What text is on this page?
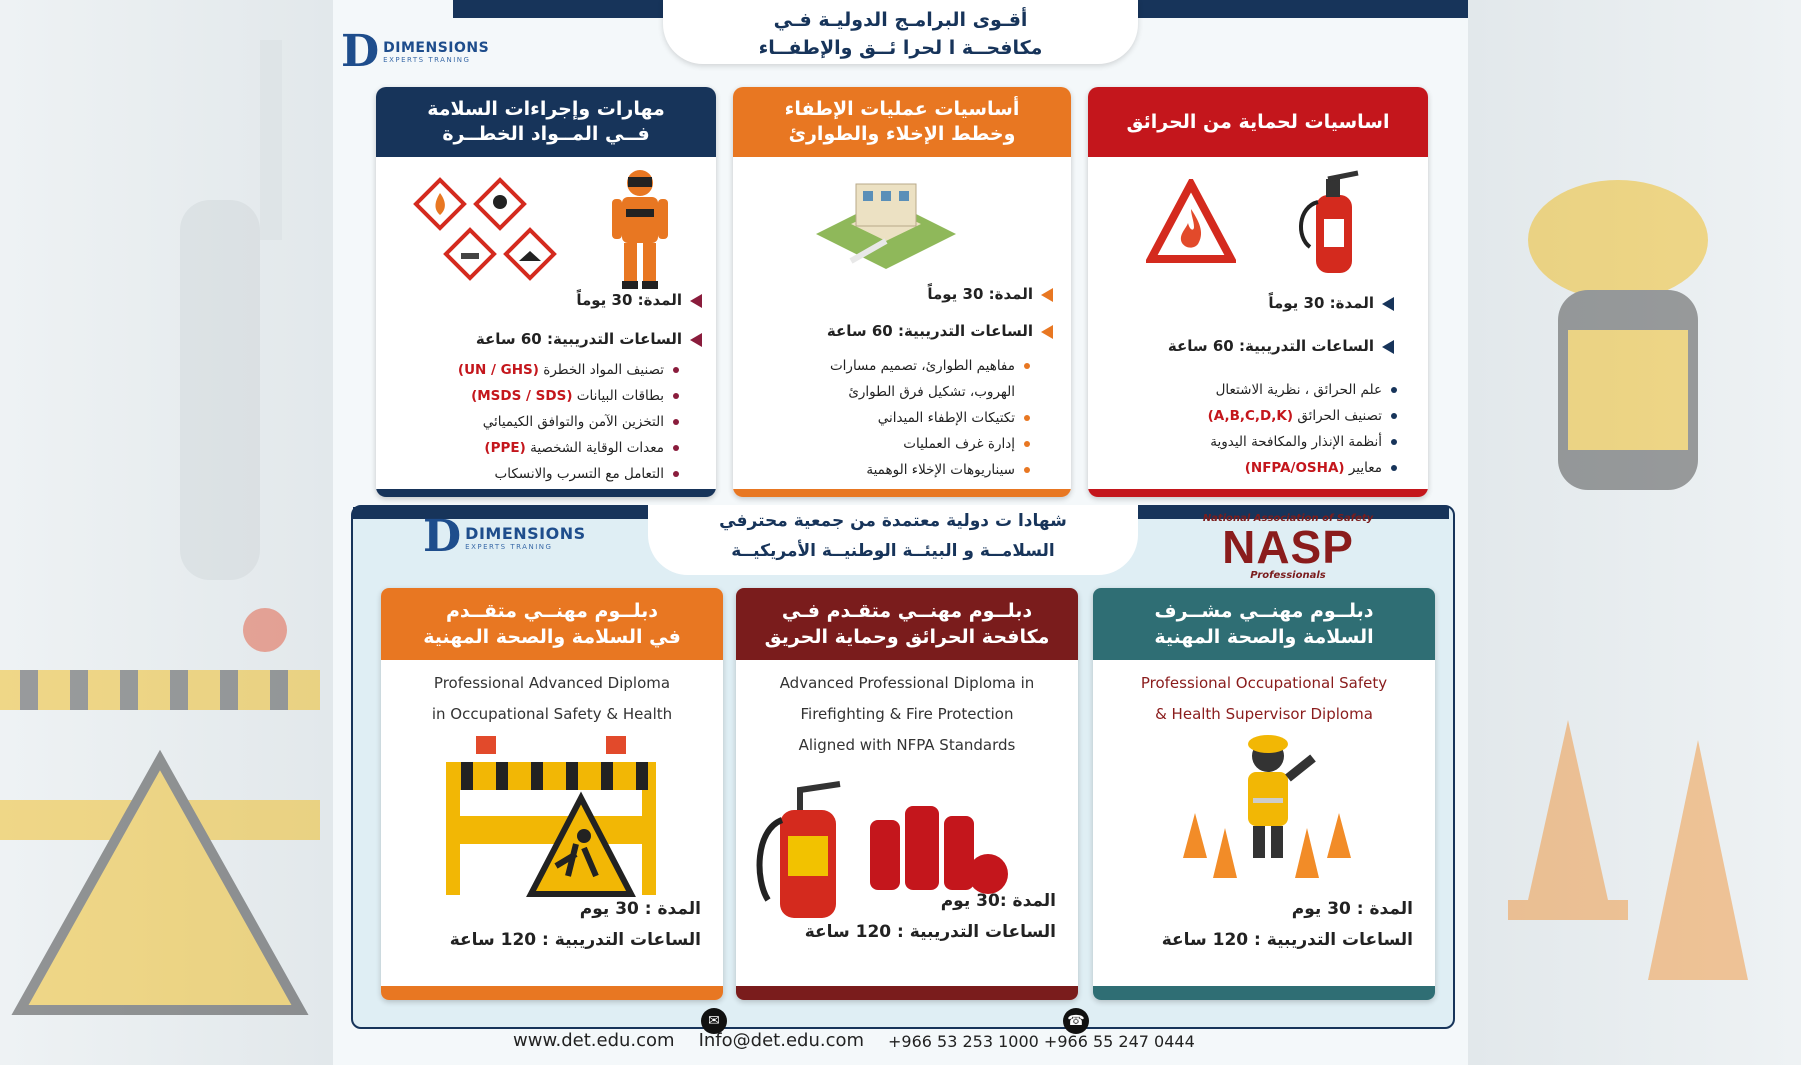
أقـوى البرامـج الدوليـة فـي
مكافحــة ا لحرا ئــق والإطفــاء
D DIMENSIONS
EXPERTS TRANING
اساسيات لحماية من الحرائق
المدة: 30 يوماً
الساعات التدريبية: 60 ساعة
علم الحرائق ، نظرية الاشتعال
تصنيف الحرائق (A,B,C,D,K)
أنظمة الإنذار والمكافحة اليدوية
معايير (NFPA/OSHA)
أساسيات عمليات الإطفاء
وخطط الإخلاء والطوارئ
المدة: 30 يوماً
الساعات التدريبية: 60 ساعة
مفاهيم الطوارئ، تصميم مسارات
الهروب، تشكيل فرق الطوارئ
تكتيكات الإطفاء الميداني
إدارة غرف العمليات
سيناريوهات الإخلاء الوهمية
مهارات وإجراءات السلامة
فــي المــواد الخطــرة
المدة: 30 يوماً
الساعات التدريبية: 60 ساعة
تصنيف المواد الخطرة (UN / GHS)
بطاقات البيانات (MSDS / SDS)
التخزين الآمن والتوافق الكيميائي
معدات الوقاية الشخصية (PPE)
التعامل مع التسرب والانسكاب
شهادا ت دولية معتمدة من جمعية محترفي
السلامــة و البيئــة الوطنيــة الأمريكيــة
D DIMENSIONS
EXPERTS TRANING
National Association of Safety
NASP
Professionals
دبلــوم مهنــي مشــرف
السلامة والصحة المهنية
Professional Occupational Safety
& Health Supervisor Diploma
المدة : 30 يوم
الساعات التدريبية : 120 ساعة
دبلــوم مهنــي متقـدم فـي
مكافحة الحرائق وحماية الحريق
Advanced Professional Diploma in
Firefighting & Fire Protection
Aligned with NFPA Standards
المدة :30 يوم
الساعات التدريبية : 120 ساعة
دبلــوم مهنــي متقــدم
في السلامة والصحة المهنية
Professional Advanced Diploma
in Occupational Safety & Health
المدة : 30 يوم
الساعات التدريبية : 120 ساعة
✉	☎
www.det.edu.com Info@det.edu.com +966 53 253 1000 +966 55 247 0444
